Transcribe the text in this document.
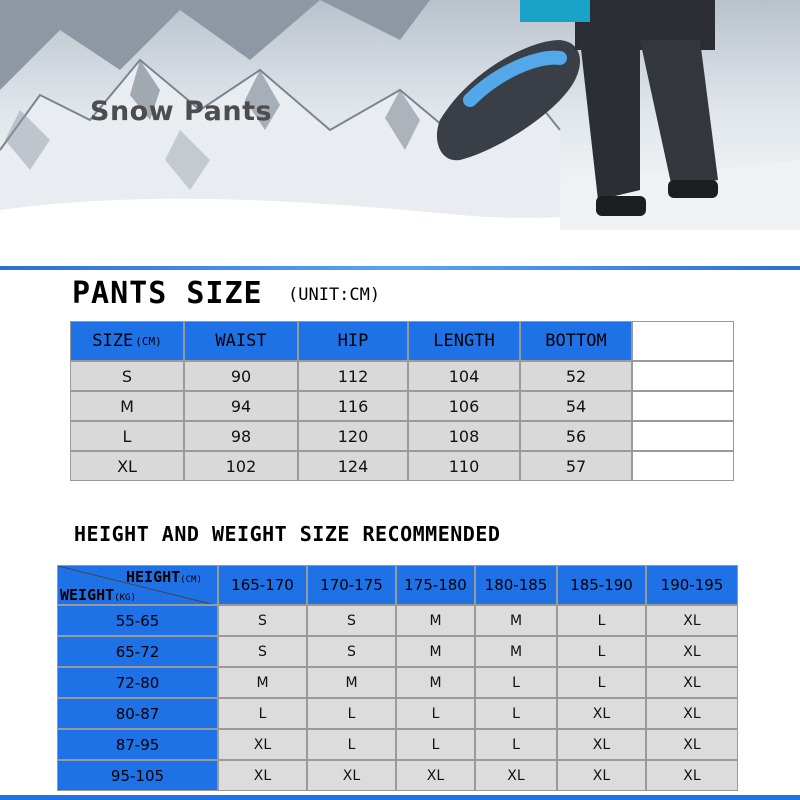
Snow Pants
PANTS SIZE (UNIT:CM)
SIZE (CM)	WAIST	HIP	LENGTH	BOTTOM
S	90	112	104	52
M	94	116	106	54
L	98	120	108	56
XL	102	124	110	57
HEIGHT AND WEIGHT SIZE RECOMMENDED
HEIGHT(CM)
WEIGHT(KG)
165-170	170-175	175-180	180-185	185-190	190-195
55-65	S	S	M	M	L	XL
65-72	S	S	M	M	L	XL
72-80	M	M	M	L	L	XL
80-87	L	L	L	L	XL	XL
87-95	XL	L	L	L	XL	XL
95-105	XL	XL	XL	XL	XL	XL
